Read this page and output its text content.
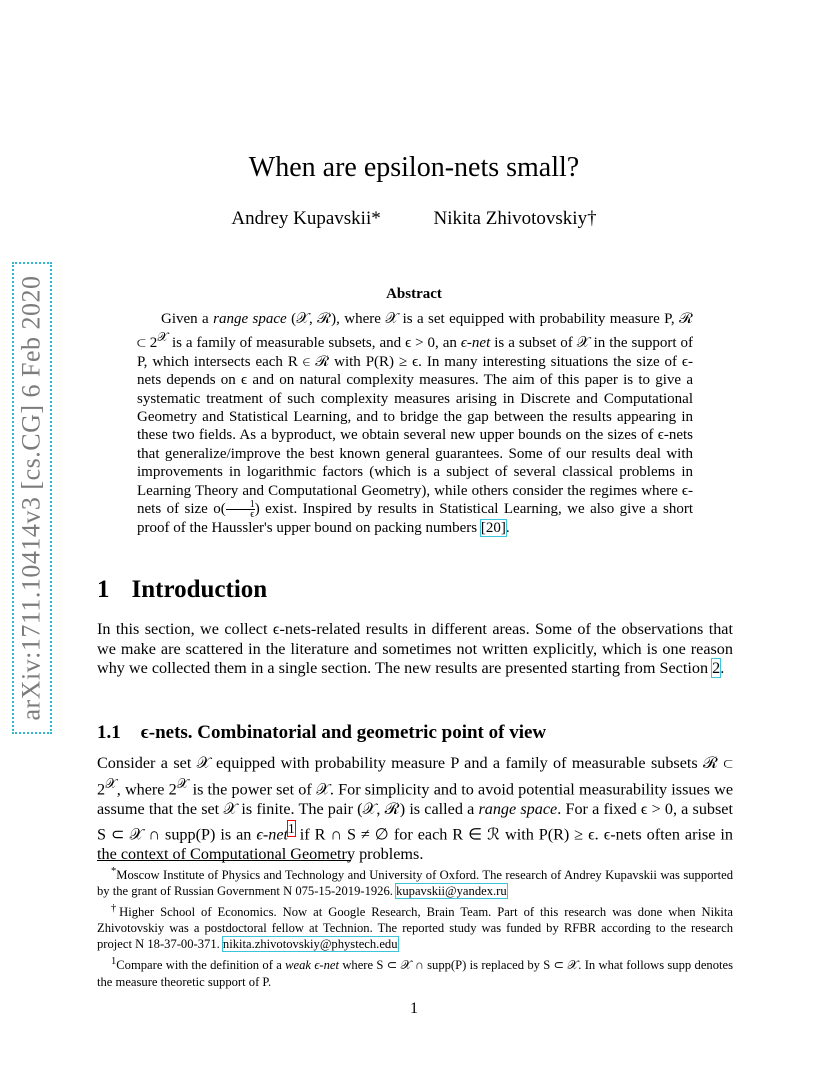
arXiv:1711.10414v3 [cs.CG] 6 Feb 2020
When are epsilon-nets small?
Andrey Kupavskii*	Nikita Zhivotovskiy†
Abstract
Given a range space (𝒳, ℛ), where 𝒳 is a set equipped with probability measure P, ℛ ⊂ $2^𝒳$ is a family of measurable subsets, and ϵ > 0, an ϵ-net is a subset of 𝒳 in the support of P, which intersects each R ∈ ℛ with P(R) ≥ ϵ. In many interesting situations the size of ϵ-nets depends on ϵ and on natural complexity measures. The aim of this paper is to give a systematic treatment of such complexity measures arising in Discrete and Computational Geometry and Statistical Learning, and to bridge the gap between the results appearing in these two fields. As a byproduct, we obtain several new upper bounds on the sizes of ϵ-nets that generalize/improve the best known general guarantees. Some of our results deal with improvements in logarithmic factors (which is a subject of several classical problems in Learning Theory and Computational Geometry), while others consider the regimes where ϵ-nets of size $o( \frac{1}{\epsilon}$ ) exist. Inspired by results in Statistical Learning, we also give a short proof of the Haussler's upper bound on packing numbers [20].
1 Introduction
In this section, we collect ϵ-nets-related results in different areas. Some of the observations that we make are scattered in the literature and sometimes not written explicitly, which is one reason why we collected them in a single section. The new results are presented starting from Section 2.
1.1 ϵ-nets. Combinatorial and geometric point of view
Consider a set 𝒳 equipped with probability measure P and a family of measurable subsets ℛ ⊂ $2^𝒳$, where $2^𝒳$ is the power set of 𝒳. For simplicity and to avoid potential measurability issues we assume that the set 𝒳 is finite. The pair (𝒳, ℛ) is called a range space. For a fixed ϵ > 0, a subset S ⊂ 𝒳 ∩ supp(P) is an ϵ-net$^1$ if R ∩ S ≠ ∅ for each R ∈ ℛ with P(R) ≥ ϵ. ϵ-nets often arise in the context of Computational Geometry problems.

*Moscow Institute of Physics and Technology and University of Oxford. The research of Andrey Kupavskii was supported by the grant of Russian Government N 075-15-2019-1926. kupavskii@yandex.ru

†Higher School of Economics. Now at Google Research, Brain Team. Part of this research was done when Nikita Zhivotovskiy was a postdoctoral fellow at Technion. The reported study was funded by RFBR according to the research project N 18-37-00-371. nikita.zhivotovskiy@phystech.edu

$^1$Compare with the definition of a weak ϵ-net where S ⊂ 𝒳 ∩ supp(P) is replaced by S ⊂ 𝒳. In what follows supp denotes the measure theoretic support of P.

1
